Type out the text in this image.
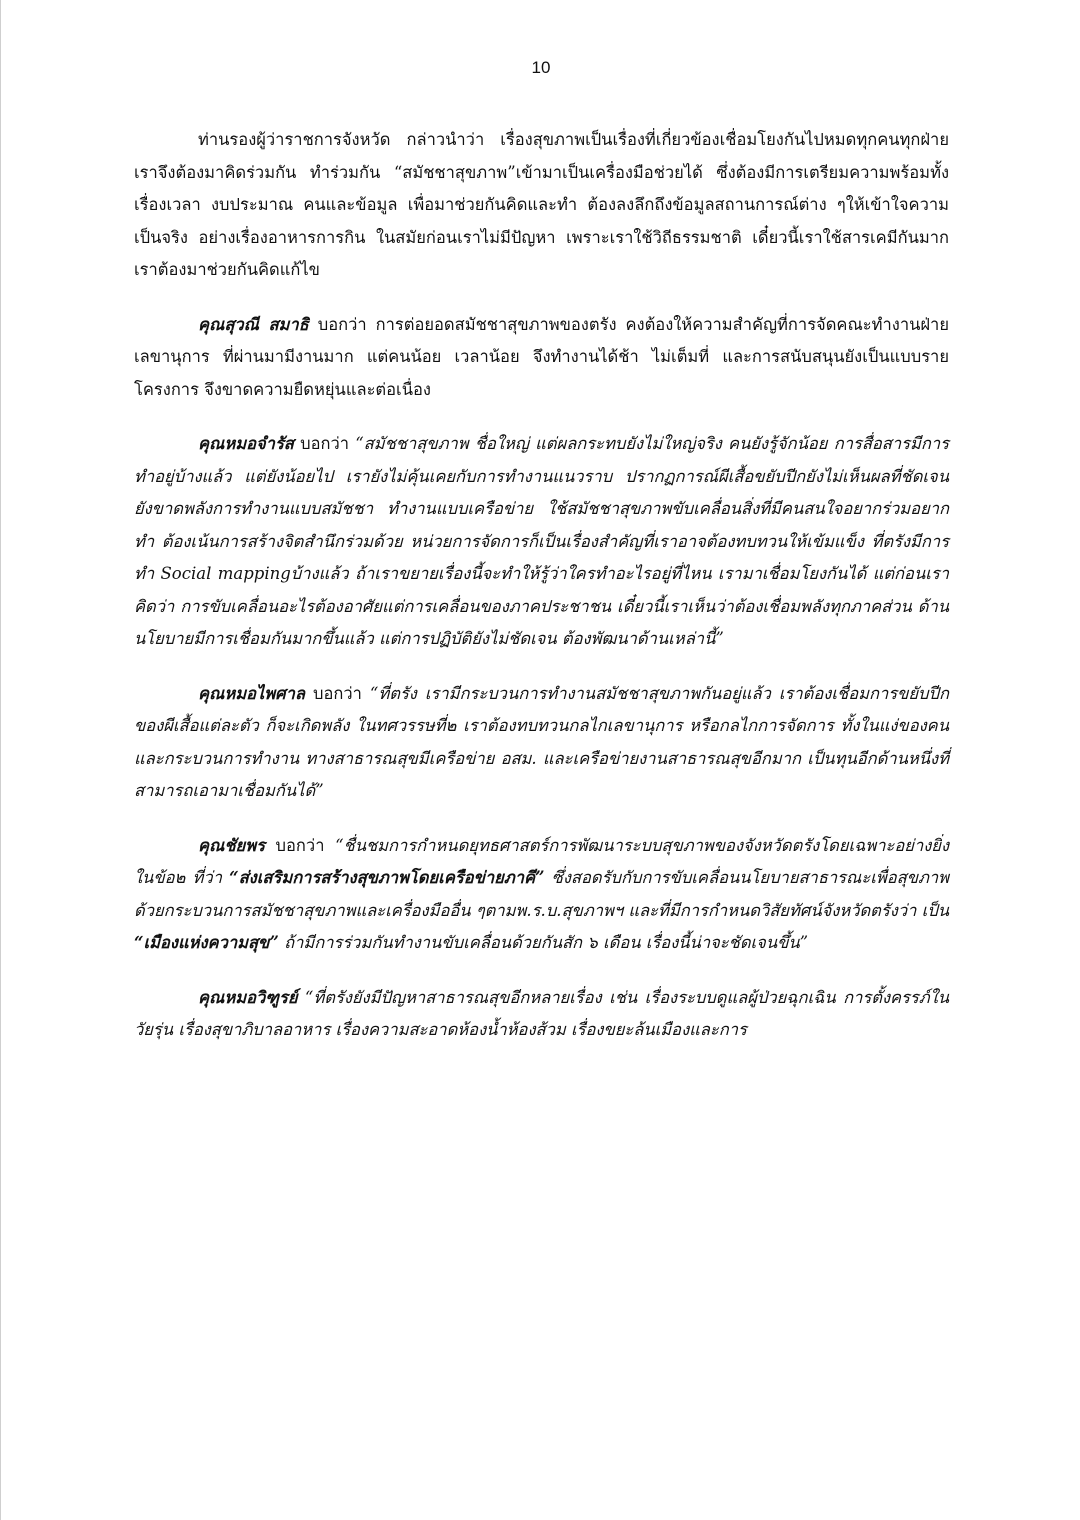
10

ท่านรองผู้ว่าราชการจังหวัด กล่าวนำว่า เรื่องสุขภาพเป็นเรื่องที่เกี่ยวข้องเชื่อมโยงกันไปหมดทุกคนทุกฝ่าย เราจึงต้องมาคิดร่วมกัน ทำร่วมกัน “สมัชชาสุขภาพ”เข้ามาเป็นเครื่องมือช่วยได้ ซึ่งต้องมีการเตรียมความพร้อมทั้งเรื่องเวลา งบประมาณ คนและข้อมูล เพื่อมาช่วยกันคิดและทำ ต้องลงลึกถึงข้อมูลสถานการณ์ต่าง ๆให้เข้าใจความเป็นจริง อย่างเรื่องอาหารการกิน ในสมัยก่อนเราไม่มีปัญหา เพราะเราใช้วิถีธรรมชาติ เดี๋ยวนี้เราใช้สารเคมีกันมาก เราต้องมาช่วยกันคิดแก้ไข

คุณสุวณี สมาธิ บอกว่า การต่อยอดสมัชชาสุขภาพของตรัง คงต้องให้ความสำคัญที่การจัดคณะทำงานฝ่ายเลขานุการ ที่ผ่านมามีงานมาก แต่คนน้อย เวลาน้อย จึงทำงานได้ช้า ไม่เต็มที่ และการสนับสนุนยังเป็นแบบรายโครงการ จึงขาดความยืดหยุ่นและต่อเนื่อง

คุณหมอจำรัส บอกว่า “สมัชชาสุขภาพ ชื่อใหญ่ แต่ผลกระทบยังไม่ใหญ่จริง คนยังรู้จักน้อย การสื่อสารมีการทำอยู่บ้างแล้ว แต่ยังน้อยไป เรายังไม่คุ้นเคยกับการทำงานแนวราบ ปรากฏการณ์ผีเสื้อขยับปีกยังไม่เห็นผลที่ชัดเจน ยังขาดพลังการทำงานแบบสมัชชา ทำงานแบบเครือข่าย ใช้สมัชชาสุขภาพขับเคลื่อนสิ่งที่มีคนสนใจอยากร่วมอยากทำ ต้องเน้นการสร้างจิตสำนึกร่วมด้วย หน่วยการจัดการก็เป็นเรื่องสำคัญที่เราอาจต้องทบทวนให้เข้มแข็ง ที่ตรังมีการทำ Social mappingบ้างแล้ว ถ้าเราขยายเรื่องนี้จะทำให้รู้ว่าใครทำอะไรอยู่ที่ไหน เรามาเชื่อมโยงกันได้ แต่ก่อนเราคิดว่า การขับเคลื่อนอะไรต้องอาศัยแต่การเคลื่อนของภาคประชาชน เดี๋ยวนี้เราเห็นว่าต้องเชื่อมพลังทุกภาคส่วน ด้านนโยบายมีการเชื่อมกันมากขึ้นแล้ว แต่การปฏิบัติยังไม่ชัดเจน ต้องพัฒนาด้านเหล่านี้”

คุณหมอไพศาล บอกว่า “ที่ตรัง เรามีกระบวนการทำงานสมัชชาสุขภาพกันอยู่แล้ว เราต้องเชื่อมการขยับปีกของผีเสื้อแต่ละตัว ก็จะเกิดพลัง ในทศวรรษที่๒ เราต้องทบทวนกลไกเลขานุการ หรือกลไกการจัดการ ทั้งในแง่ของคนและกระบวนการทำงาน ทางสาธารณสุขมีเครือข่าย อสม. และเครือข่ายงานสาธารณสุขอีกมาก เป็นทุนอีกด้านหนึ่งที่สามารถเอามาเชื่อมกันได้”

คุณชัยพร บอกว่า “ชื่นชมการกำหนดยุทธศาสตร์การพัฒนาระบบสุขภาพของจังหวัดตรังโดยเฉพาะอย่างยิ่งในข้อ๒ ที่ว่า “ส่งเสริมการสร้างสุขภาพโดยเครือข่ายภาคี” ซึ่งสอดรับกับการขับเคลื่อนนโยบายสาธารณะเพื่อสุขภาพด้วยกระบวนการสมัชชาสุขภาพและเครื่องมืออื่น ๆตามพ.ร.บ.สุขภาพฯ และที่มีการกำหนดวิสัยทัศน์จังหวัดตรังว่า เป็น “เมืองแห่งความสุข” ถ้ามีการร่วมกันทำงานขับเคลื่อนด้วยกันสัก ๖ เดือน เรื่องนี้น่าจะชัดเจนขึ้น”

คุณหมอวิฑูรย์ “ที่ตรังยังมีปัญหาสาธารณสุขอีกหลายเรื่อง เช่น เรื่องระบบดูแลผู้ป่วยฉุกเฉิน การตั้งครรภ์ในวัยรุ่น เรื่องสุขาภิบาลอาหาร เรื่องความสะอาดห้องน้ำห้องส้วม เรื่องขยะล้นเมืองและการ
